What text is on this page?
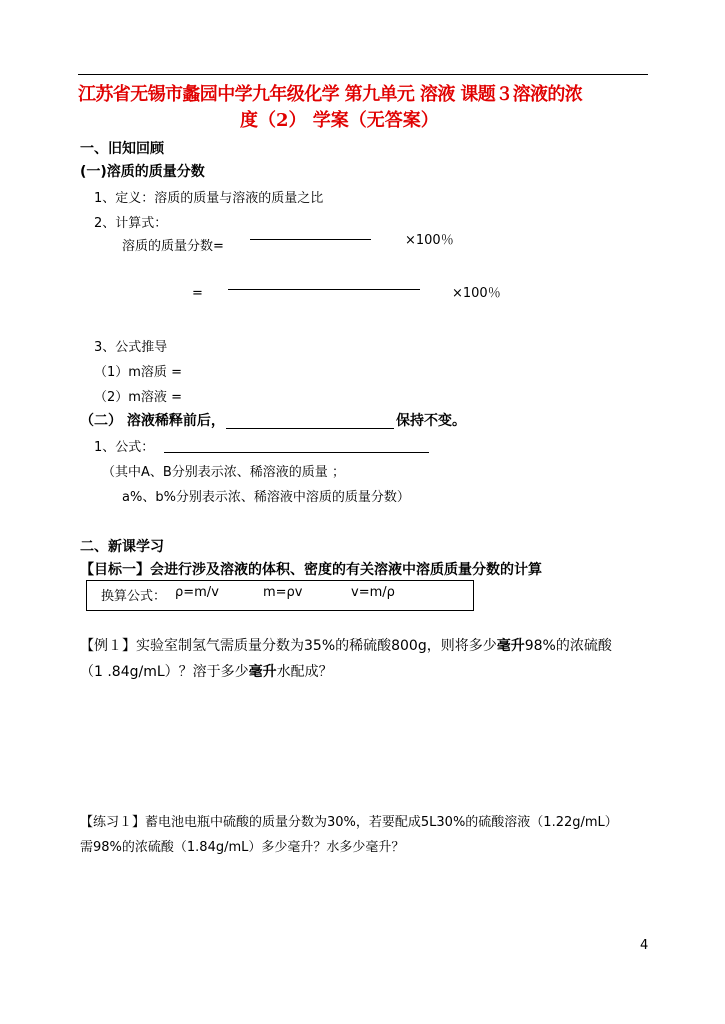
江苏省无锡市蠡园中学九年级化学 第九单元 溶液 课题３溶液的浓
度（2） 学案（无答案）
一、旧知回顾
(一)溶质的质量分数
1、定义：溶质的质量与溶液的质量之比
2、计算式：
溶质的质量分数=	×100％
=	×100％
3、公式推导
（1）m溶质 =
（2）m溶液 =
（二） 溶液稀释前后，	保持不变。
1、公式：
（其中A、B分别表示浓、稀溶液的质量 ；
a%、b%分别表示浓、稀溶液中溶质的质量分数）
二、新课学习
【目标一】会进行涉及溶液的体积、密度的有关溶液中溶质质量分数的计算
换算公式： ρ=m/v	m=ρv	v=m/ρ
【例１】实验室制氢气需质量分数为35%的稀硫酸800g，则将多少毫升98%的浓硫酸
（1 .84g/mL）？溶于多少毫升水配成？
【练习１】蓄电池电瓶中硫酸的质量分数为30%，若要配成5L30%的硫酸溶液（1.22g/mL）
需98%的浓硫酸（1.84g/mL）多少毫升？水多少毫升？
4
